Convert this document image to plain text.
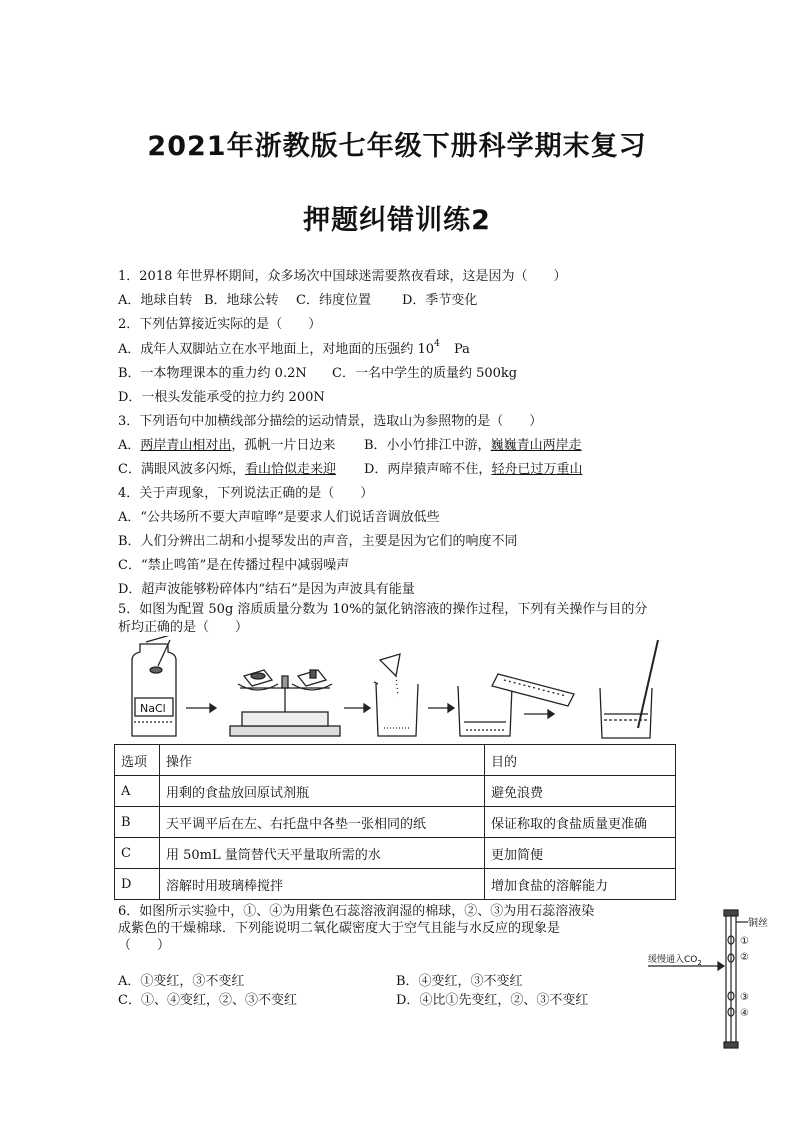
2021年浙教版七年级下册科学期末复习
押题纠错训练2
1．2018 年世界杯期间，众多场次中国球迷需要熬夜看球，这是因为（　　）
A．地球自转 B．地球公转 C．纬度位置 D．季节变化
2．下列估算接近实际的是（　　）
A．成年人双脚站立在水平地面上，对地面的压强约 $10^4$ Pa
B．一本物理课本的重力约 0.2N C．一名中学生的质量约 500kg
D．一根头发能承受的拉力约 200N
3．下列语句中加横线部分描绘的运动情景，选取山为参照物的是（　　）
A．两岸青山相对出，孤帆一片日边来 B．小小竹排江中游，巍巍青山两岸走
C．满眼风波多闪烁，看山恰似走来迎 D．两岸猿声啼不住，轻舟已过万重山
4．关于声现象，下列说法正确的是（　　）
A．“公共场所不要大声喧哗”是要求人们说话音调放低些
B．人们分辨出二胡和小提琴发出的声音，主要是因为它们的响度不同
C．“禁止鸣笛”是在传播过程中减弱噪声
D．超声波能够粉碎体内“结石”是因为声波具有能量
5．如图为配置 50g 溶质质量分数为 10%的氯化钠溶液的操作过程，下列有关操作与目的分
析均正确的是（　　）
NaCl
选项	操作	目的
A	用剩的食盐放回原试剂瓶	避免浪费
B	天平调平后在左、右托盘中各垫一张相同的纸	保证称取的食盐质量更准确
C	用 50mL 量筒替代天平量取所需的水	更加简便
D	溶解时用玻璃棒搅拌	增加食盐的溶解能力
6．如图所示实验中，①、④为用紫色石蕊溶液润湿的棉球，②、③为用石蕊溶液染
成紫色的干燥棉球．下列能说明二氧化碳密度大于空气且能与水反应的现象是
（　　）
A．①变红，③不变红	B．④变红，③不变红
C．①、④变红，②、③不变红	D．④比①先变红，②、③不变红
铜丝
缓慢通入$CO_2$
①
②
③
④
